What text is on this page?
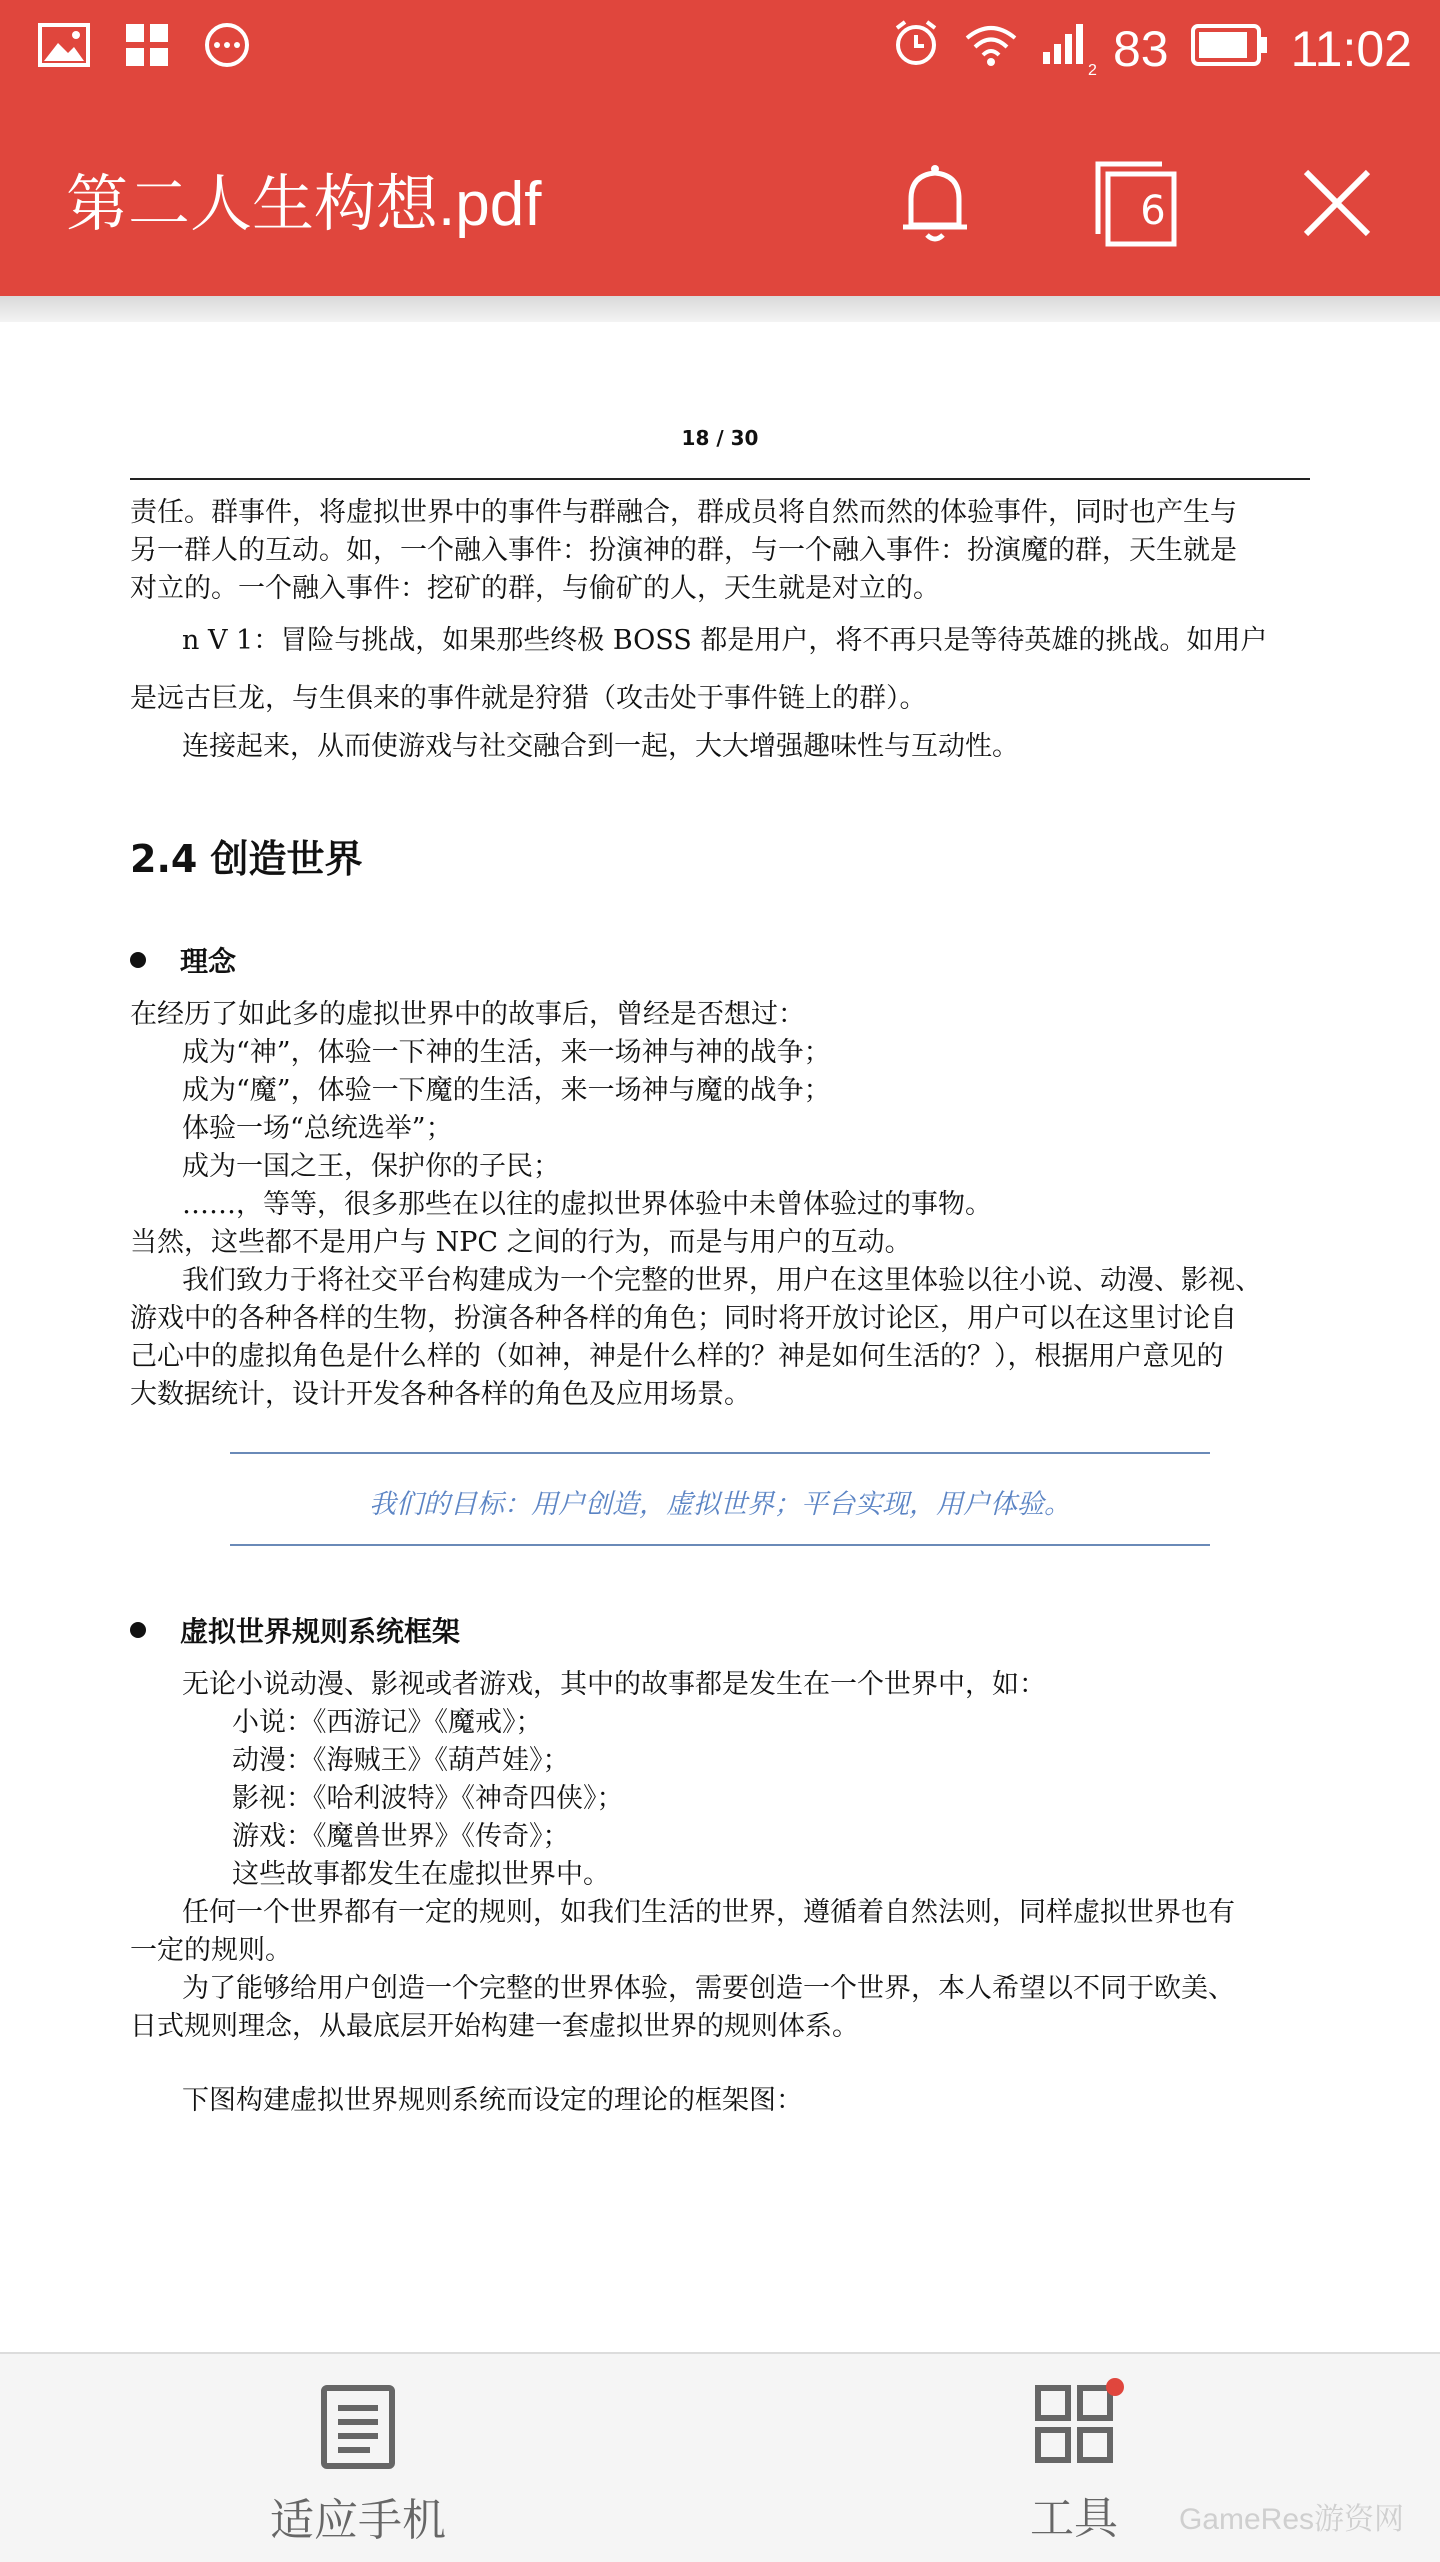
2 83 11:02
第二人生构想.pdf	6
18 / 30

责任。群事件，将虚拟世界中的事件与群融合，群成员将自然而然的体验事件，同时也产生与

另一群人的互动。如，一个融入事件：扮演神的群，与一个融入事件：扮演魔的群，天生就是

对立的。一个融入事件：挖矿的群，与偷矿的人，天生就是对立的。

n V 1：冒险与挑战，如果那些终极 BOSS 都是用户，将不再只是等待英雄的挑战。如用户

是远古巨龙，与生俱来的事件就是狩猎（攻击处于事件链上的群）。

连接起来，从而使游戏与社交融合到一起，大大增强趣味性与互动性。

2.4 创造世界
理念

在经历了如此多的虚拟世界中的故事后，曾经是否想过：

成为“神”，体验一下神的生活，来一场神与神的战争；

成为“魔”，体验一下魔的生活，来一场神与魔的战争；

体验一场“总统选举”；

成为一国之王，保护你的子民；

……，等等，很多那些在以往的虚拟世界体验中未曾体验过的事物。

当然，这些都不是用户与 NPC 之间的行为，而是与用户的互动。

我们致力于将社交平台构建成为一个完整的世界，用户在这里体验以往小说、动漫、影视、

游戏中的各种各样的生物，扮演各种各样的角色；同时将开放讨论区，用户可以在这里讨论自

己心中的虚拟角色是什么样的（如神，神是什么样的？神是如何生活的？），根据用户意见的

大数据统计，设计开发各种各样的角色及应用场景。

我们的目标：用户创造，虚拟世界；平台实现，用户体验。
虚拟世界规则系统框架

无论小说动漫、影视或者游戏，其中的故事都是发生在一个世界中，如：

小说：《西游记》《魔戒》；

动漫：《海贼王》《葫芦娃》；

影视：《哈利波特》《神奇四侠》；

游戏：《魔兽世界》《传奇》；

这些故事都发生在虚拟世界中。

任何一个世界都有一定的规则，如我们生活的世界，遵循着自然法则，同样虚拟世界也有

一定的规则。

为了能够给用户创造一个完整的世界体验，需要创造一个世界，本人希望以不同于欧美、

日式规则理念，从最底层开始构建一套虚拟世界的规则体系。

下图构建虚拟世界规则系统而设定的理论的框架图：

适应手机	工具 GameRes游资网
